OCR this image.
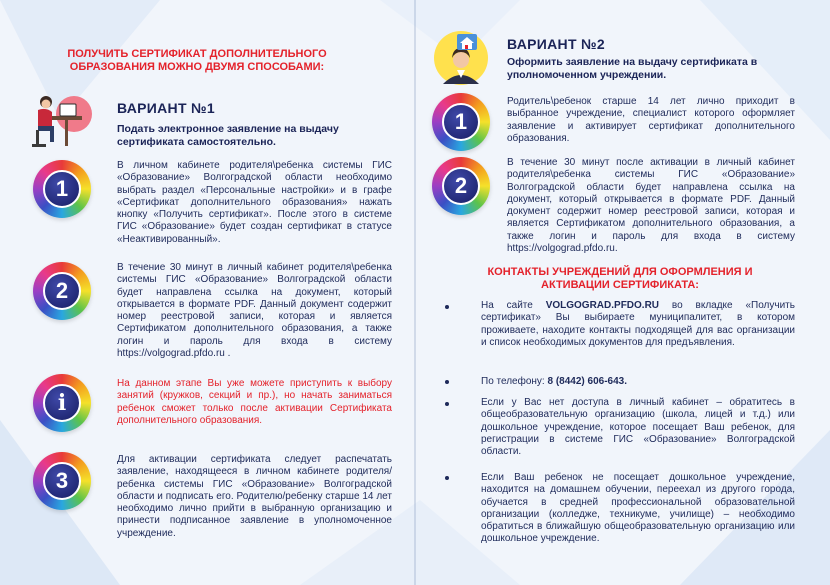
ПОЛУЧИТЬ СЕРТИФИКАТ ДОПОЛНИТЕЛЬНОГО ОБРАЗОВАНИЯ МОЖНО ДВУМЯ СПОСОБАМИ:
ВАРИАНТ №1
Подать электронное заявление на выдачу сертификата самостоятельно.
1
В личном кабинете родителя\ребенка системы ГИС «Образование» Волгоградской области необходимо выбрать раздел «Персональные настройки» и в графе «Сертификат дополнительного образования» нажать кнопку «Получить сертификат». После этого в системе ГИС «Образование» будет создан сертификат в статусе «Неактивированный».
2
В течение 30 минут в личный кабинет родителя\ребенка системы ГИС «Образование» Волгоградской области будет направлена ссылка на документ, который открывается в формате PDF. Данный документ содержит номер реестровой записи, которая и является Сертификатом дополнительного образования, а также логин и пароль для входа в систему https://volgograd.pfdo.ru .
i
На данном этапе Вы уже можете приступить к выбору занятий (кружков, секций и пр.), но начать заниматься ребенок сможет только после активации Сертификата дополнительного образования.
3
Для активации сертификата следует распечатать заявление, находящееся в личном кабинете родителя/ребенка системы ГИС «Образование» Волгоградской области и подписать его. Родителю/ребенку старше 14 лет необходимо лично прийти в выбранную организацию и принести подписанное заявление в уполномоченное учреждение.
ВАРИАНТ №2
Оформить заявление на выдачу сертификата в уполномоченном учреждении.
1
Родитель\ребенок старше 14 лет лично приходит в выбранное учреждение, специалист которого оформляет заявление и активирует сертификат дополнительного образования.
2
В течение 30 минут после активации в личный кабинет родителя\ребенка системы ГИС «Образование» Волгоградской области будет направлена ссылка на документ, который открывается в формате PDF. Данный документ содержит номер реестровой записи, которая и является Сертификатом дополнительного образования, а также логин и пароль для входа в систему https://volgograd.pfdo.ru.
КОНТАКТЫ УЧРЕЖДЕНИЙ ДЛЯ ОФОРМЛЕНИЯ И АКТИВАЦИИ СЕРТИФИКАТА:
На сайте VOLGOGRAD.PFDO.RU во вкладке «Получить сертификат» Вы выбираете муниципалитет, в котором проживаете, находите контакты подходящей для вас организации и список необходимых документов для предъявления.
По телефону: 8 (8442) 606-643.
Если у Вас нет доступа в личный кабинет – обратитесь в общеобразовательную организацию (школа, лицей и т.д.) или дошкольное учреждение, которое посещает Ваш ребенок, для регистрации в системе ГИС «Образование» Волгоградской области.
Если Ваш ребенок не посещает дошкольное учреждение, находится на домашнем обучении, переехал из другого города, обучается в средней профессиональной образовательной организации (колледже, техникуме, училище) – необходимо обратиться в ближайшую общеобразовательную организацию или дошкольное учреждение.
